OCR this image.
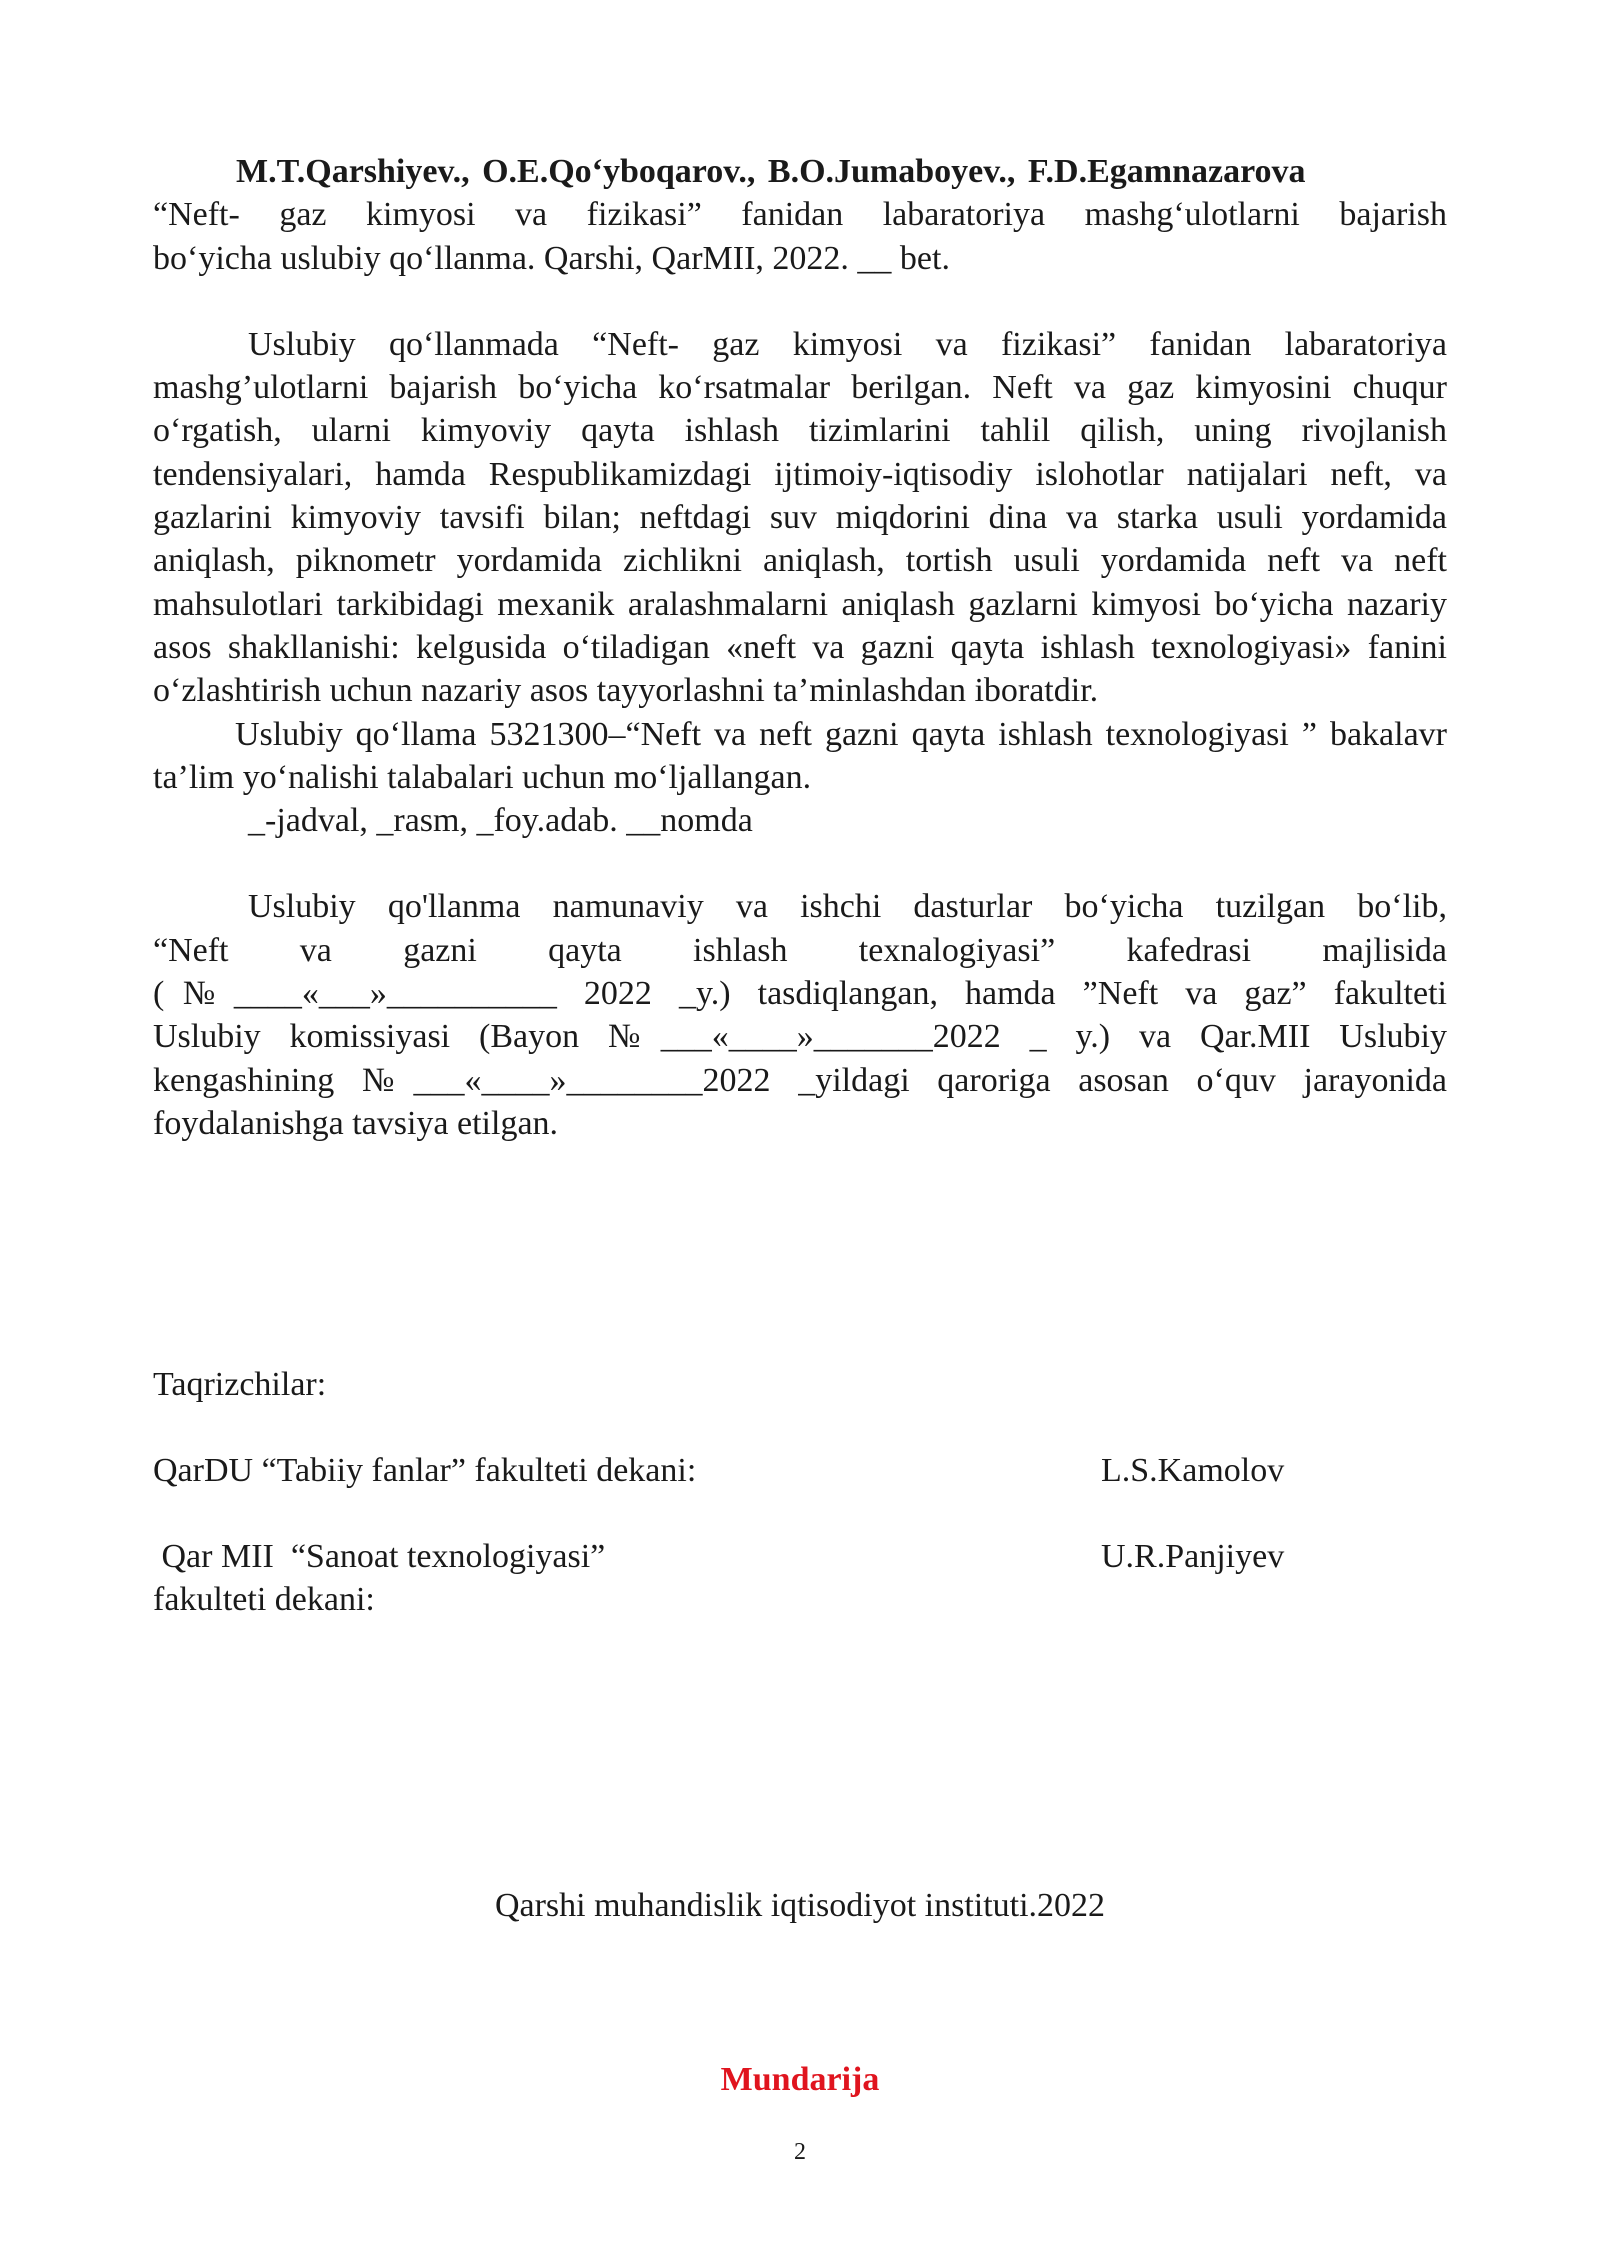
M.T.Qarshiyev., O.E.Qo‘yboqarov., B.O.Jumaboyev., F.D.Egamnazarova
“Neft- gaz kimyosi va fizikasi” fanidan labaratoriya mashg‘ulotlarni bajarish
bo‘yicha uslubiy qo‘llanma. Qarshi, QarMII, 2022. __ bet.
Uslubiy qo‘llanmada “Neft- gaz kimyosi va fizikasi” fanidan labaratoriya mashg’ulotlarni bajarish bo‘yicha ko‘rsatmalar berilgan. Neft va gaz kimyosini chuqur o‘rgatish, ularni kimyoviy qayta ishlash tizimlarini tahlil qilish, uning rivojlanish tendensiyalari, hamda Respublikamizdagi ijtimoiy-iqtisodiy islohotlar natijalari neft, va gazlarini kimyoviy tavsifi bilan; neftdagi suv miqdorini dina va starka usuli yordamida aniqlash, piknometr yordamida zichlikni aniqlash, tortish usuli yordamida neft va neft mahsulotlari tarkibidagi mexanik aralashmalarni aniqlash gazlarni kimyosi bo‘yicha nazariy asos shakllanishi: kelgusida o‘tiladigan «neft va gazni qayta ishlash texnologiyasi» fanini o‘zlashtirish uchun nazariy asos tayyorlashni ta’minlashdan iboratdir.
Uslubiy qo‘llama 5321300–“Neft va neft gazni qayta ishlash texnologiyasi ” bakalavr ta’lim yo‘nalishi talabalari uchun mo‘ljallangan.
_-jadval, _rasm, _foy.adab. __nomda
Uslubiy qo'llanma namunaviy va ishchi dasturlar bo‘yicha tuzilgan bo‘lib,
“Neft va gazni qayta ishlash texnalogiyasi” kafedrasi majlisida
(№____«___»__________ 2022 _y.) tasdiqlangan, hamda ”Neft va gaz” fakulteti
Uslubiy komissiyasi (Bayon №___«____»_______2022 _ y.) va Qar.MII Uslubiy
kengashining №___«____»________2022 _yildagi qaroriga asosan o‘quv jarayonida
foydalanishga tavsiya etilgan.
Taqrizchilar:
QarDU “Tabiiy fanlar” fakulteti dekani:	L.S.Kamolov
Qar MII  “Sanoat texnologiyasi”	U.R.Panjiyev
fakulteti dekani:
Qarshi muhandislik iqtisodiyot instituti.2022
Mundarija
2
